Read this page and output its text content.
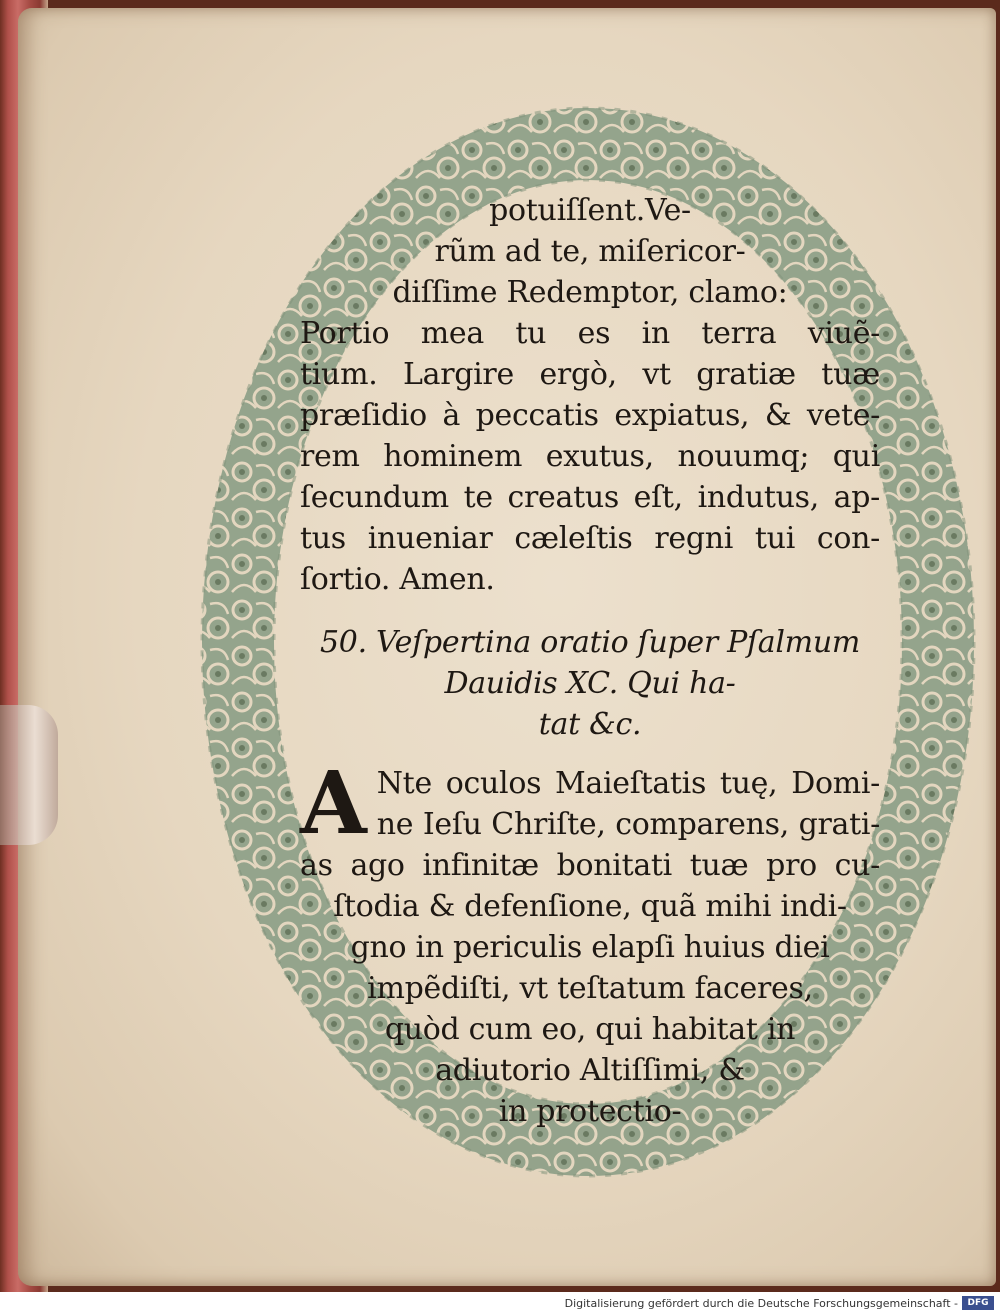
potuiſſent.Ve-
rũm ad te, miſericor-
diſſime Redemptor, clamo:
Portio mea tu es in terra viuẽ-
tium. Largire ergò, vt gratiæ tuæ
præſidio à peccatis expiatus, & vete-
rem hominem exutus, nouumq; qui
ſecundum te creatus eſt, indutus, ap-
tus inueniar cæleſtis regni tui con-
ſortio. Amen.
50. Veſpertina oratio ſuper Pſalmum
Dauidis XC. Qui ha-
tat &c.
A Nte oculos Maieſtatis tuę, Domi-
ne Ieſu Chriſte, comparens, grati-
as ago infinitæ bonitati tuæ pro cu-
ſtodia & defenſione, quã mihi indi-
gno in periculis elapſi huius diei
impẽdiſti, vt teſtatum faceres,
quòd cum eo, qui habitat in
adiutorio Altiſſimi, &
in protectio-
Digitalisierung gefördert durch die Deutsche Forschungsgemeinschaft -	DFG
